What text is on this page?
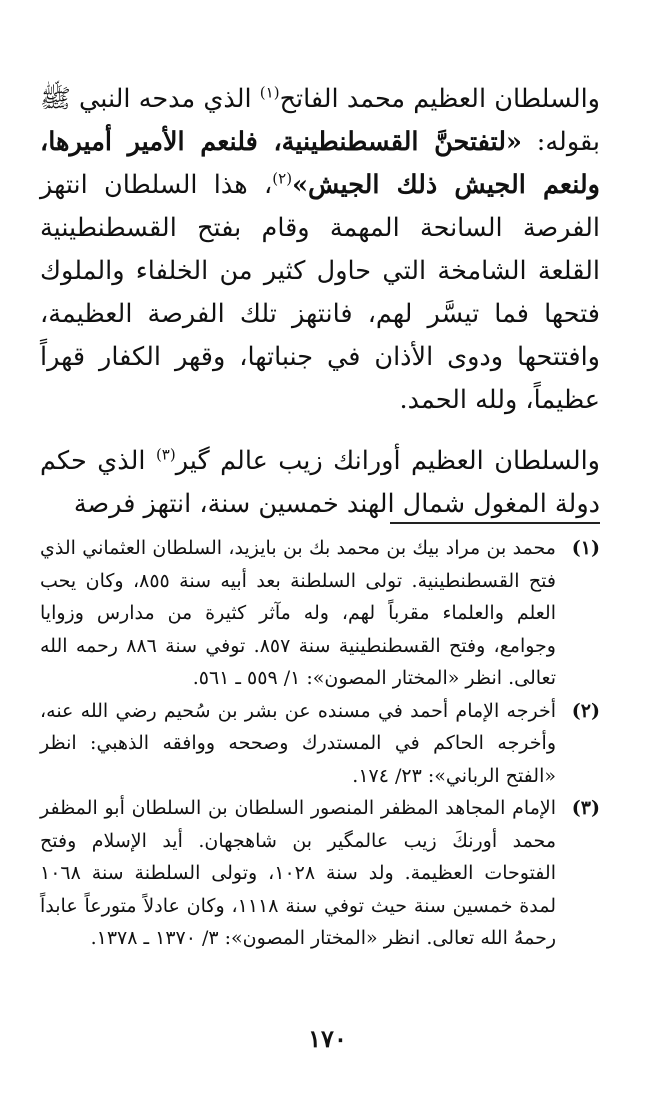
والسلطان العظيم محمد الفاتح$^{(١)}$ الذي مدحه النبي ﷺ بقوله: «لتفتحنَّ القسطنطينية، فلنعم الأمير أميرها، ولنعم الجيش ذلك الجيش»$^{(٢)}$، هذا السلطان انتهز الفرصة السانحة المهمة وقام بفتح القسطنطينية القلعة الشامخة التي حاول كثير من الخلفاء والملوك فتحها فما تيسَّر لهم، فانتهز تلك الفرصة العظيمة، وافتتحها ودوى الأذان في جنباتها، وقهر الكفار قهراً عظيماً، ولله الحمد.

والسلطان العظيم أورانك زيب عالم گير$^{(٣)}$ الذي حكم دولة المغول شمال الهند خمسين سنة، انتهز فرصة

(١)
محمد بن مراد بيك بن محمد بك بن بايزيد، السلطان العثماني الذي فتح القسطنطينية. تولى السلطنة بعد أبيه سنة ٨٥٥، وكان يحب العلم والعلماء مقرباً لهم، وله مآثر كثيرة من مدارس وزوايا وجوامع، وفتح القسطنطينية سنة ٨٥٧. توفي سنة ٨٨٦ رحمه الله تعالى. انظر «المختار المصون»: ١/ ٥٥٩ ـ ٥٦١.
(٢)
أخرجه الإمام أحمد في مسنده عن بشر بن سُحيم رضي الله عنه، وأخرجه الحاكم في المستدرك وصححه ووافقه الذهبي: انظر «الفتح الرباني»: ٢٣/ ١٧٤.
(٣)
الإمام المجاهد المظفر المنصور السلطان بن السلطان أبو المظفر محمد أورنكَ زيب عالمگير بن شاهجهان. أيد الإسلام وفتح الفتوحات العظيمة. ولد سنة ١٠٢٨، وتولى السلطنة سنة ١٠٦٨ لمدة خمسين سنة حيث توفي سنة ١١١٨، وكان عادلاً متورعاً عابداً رحمهُ الله تعالى. انظر «المختار المصون»: ٣/ ١٣٧٠ ـ ١٣٧٨.
١٧٠
